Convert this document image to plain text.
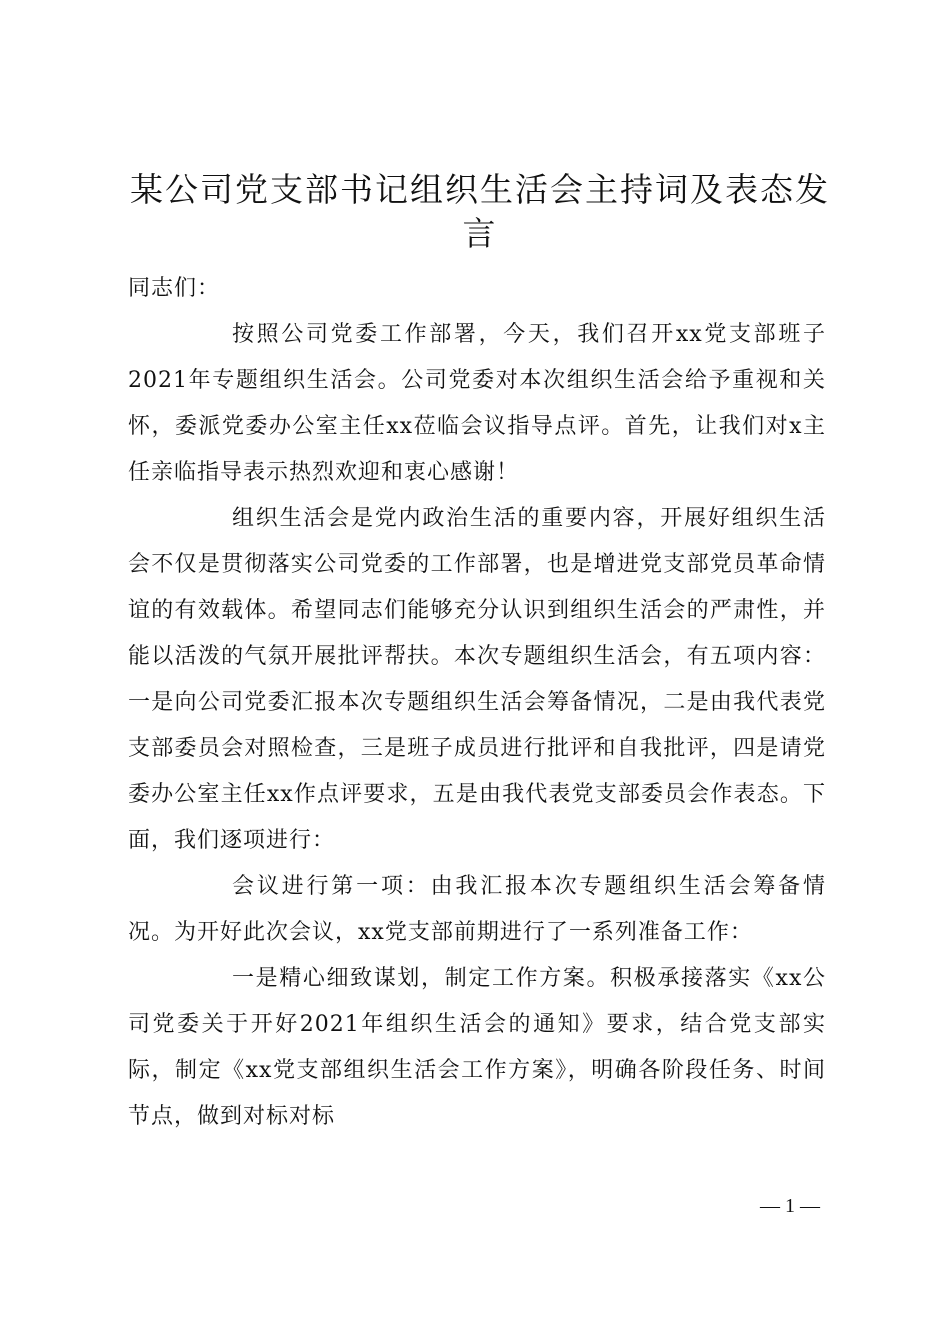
某公司党支部书记组织生活会主持词及表态发言

同志们：

按照公司党委工作部署，今天，我们召开xx党支部班子2021年专题组织生活会。公司党委对本次组织生活会给予重视和关怀，委派党委办公室主任xx莅临会议指导点评。首先，让我们对x主任亲临指导表示热烈欢迎和衷心感谢！

组织生活会是党内政治生活的重要内容，开展好组织生活会不仅是贯彻落实公司党委的工作部署，也是增进党支部党员革命情谊的有效载体。希望同志们能够充分认识到组织生活会的严肃性，并能以活泼的气氛开展批评帮扶。本次专题组织生活会，有五项内容：一是向公司党委汇报本次专题组织生活会筹备情况，二是由我代表党支部委员会对照检查，三是班子成员进行批评和自我批评，四是请党委办公室主任xx作点评要求，五是由我代表党支部委员会作表态。下面，我们逐项进行：

会议进行第一项：由我汇报本次专题组织生活会筹备情况。为开好此次会议，xx党支部前期进行了一系列准备工作：

一是精心细致谋划，制定工作方案。积极承接落实《xx公司党委关于开好2021年组织生活会的通知》要求，结合党支部实际，制定《xx党支部组织生活会工作方案》，明确各阶段任务、时间节点，做到对标对标

— 1 —
